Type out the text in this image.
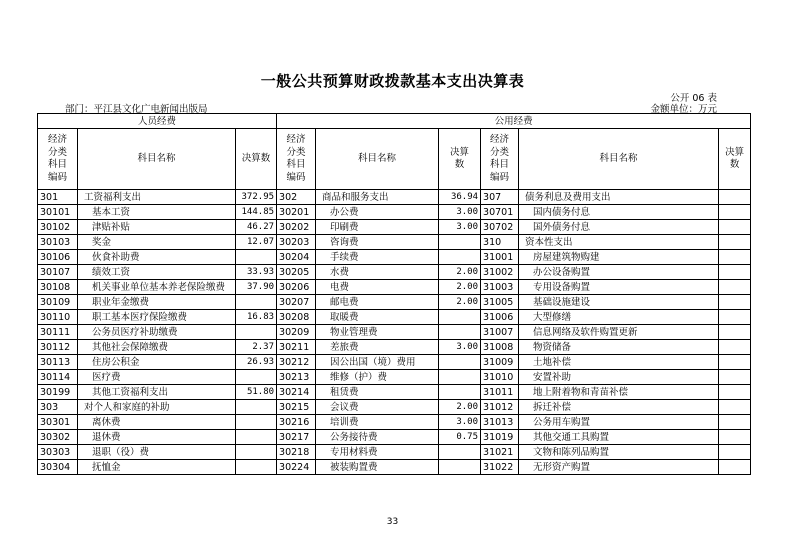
一般公共预算财政拨款基本支出决算表
公开 06 表
部门：平江县文化广电新闻出版局	金额单位：万元
人员经费			公用经费					
经济
分类
科目
编码	科目名称	决算数	经济
分类
科目
编码	科目名称	决算
数	经济
分类
科目
编码	科目名称	决算数
301	工资福利支出	372.95	302	商品和服务支出	36.94	307	债务利息及费用支出	
30101	基本工资	144.85	30201	办公费	3.00	30701	国内债务付息	
30102	津贴补贴	46.27	30202	印刷费	3.00	30702	国外债务付息	
30103	奖金	12.07	30203	咨询费		310	资本性支出	
30106	伙食补助费		30204	手续费		31001	房屋建筑物购建	
30107	绩效工资	33.93	30205	水费	2.00	31002	办公设备购置	
30108	机关事业单位基本养老保险缴费	37.90	30206	电费	2.00	31003	专用设备购置	
30109	职业年金缴费		30207	邮电费	2.00	31005	基础设施建设	
30110	职工基本医疗保险缴费	16.83	30208	取暖费		31006	大型修缮	
30111	公务员医疗补助缴费		30209	物业管理费		31007	信息网络及软件购置更新	
30112	其他社会保障缴费	2.37	30211	差旅费	3.00	31008	物资储备	
30113	住房公积金	26.93	30212	因公出国（境）费用		31009	土地补偿	
30114	医疗费		30213	维修（护）费		31010	安置补助	
30199	其他工资福利支出	51.80	30214	租赁费		31011	地上附着物和青苗补偿	
303	对个人和家庭的补助		30215	会议费	2.00	31012	拆迁补偿	
30301	离休费		30216	培训费	3.00	31013	公务用车购置	
30302	退休费		30217	公务接待费	0.75	31019	其他交通工具购置	
30303	退职（役）费		30218	专用材料费		31021	文物和陈列品购置	
30304	抚恤金		30224	被装购置费		31022	无形资产购置	
33
